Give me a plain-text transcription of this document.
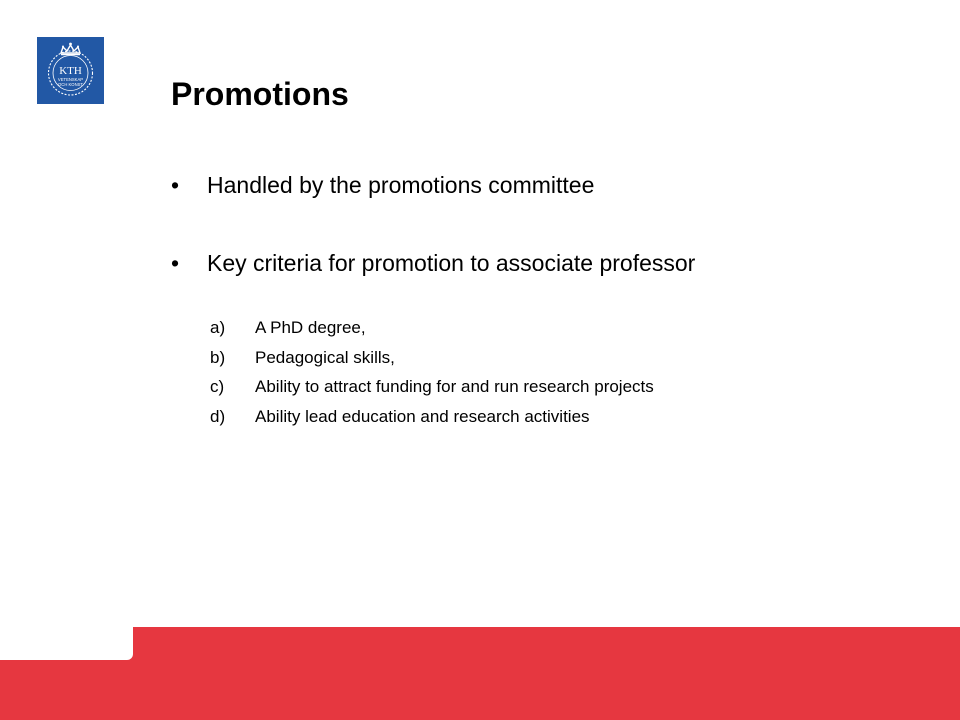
KTH
VETENSKAP
OCH KONST	Promotions
• Handled by the promotions committee
• Key criteria for promotion to associate professor
a) A PhD degree,
b) Pedagogical skills,
c) Ability to attract funding for and run research projects
d) Ability lead education and research activities
